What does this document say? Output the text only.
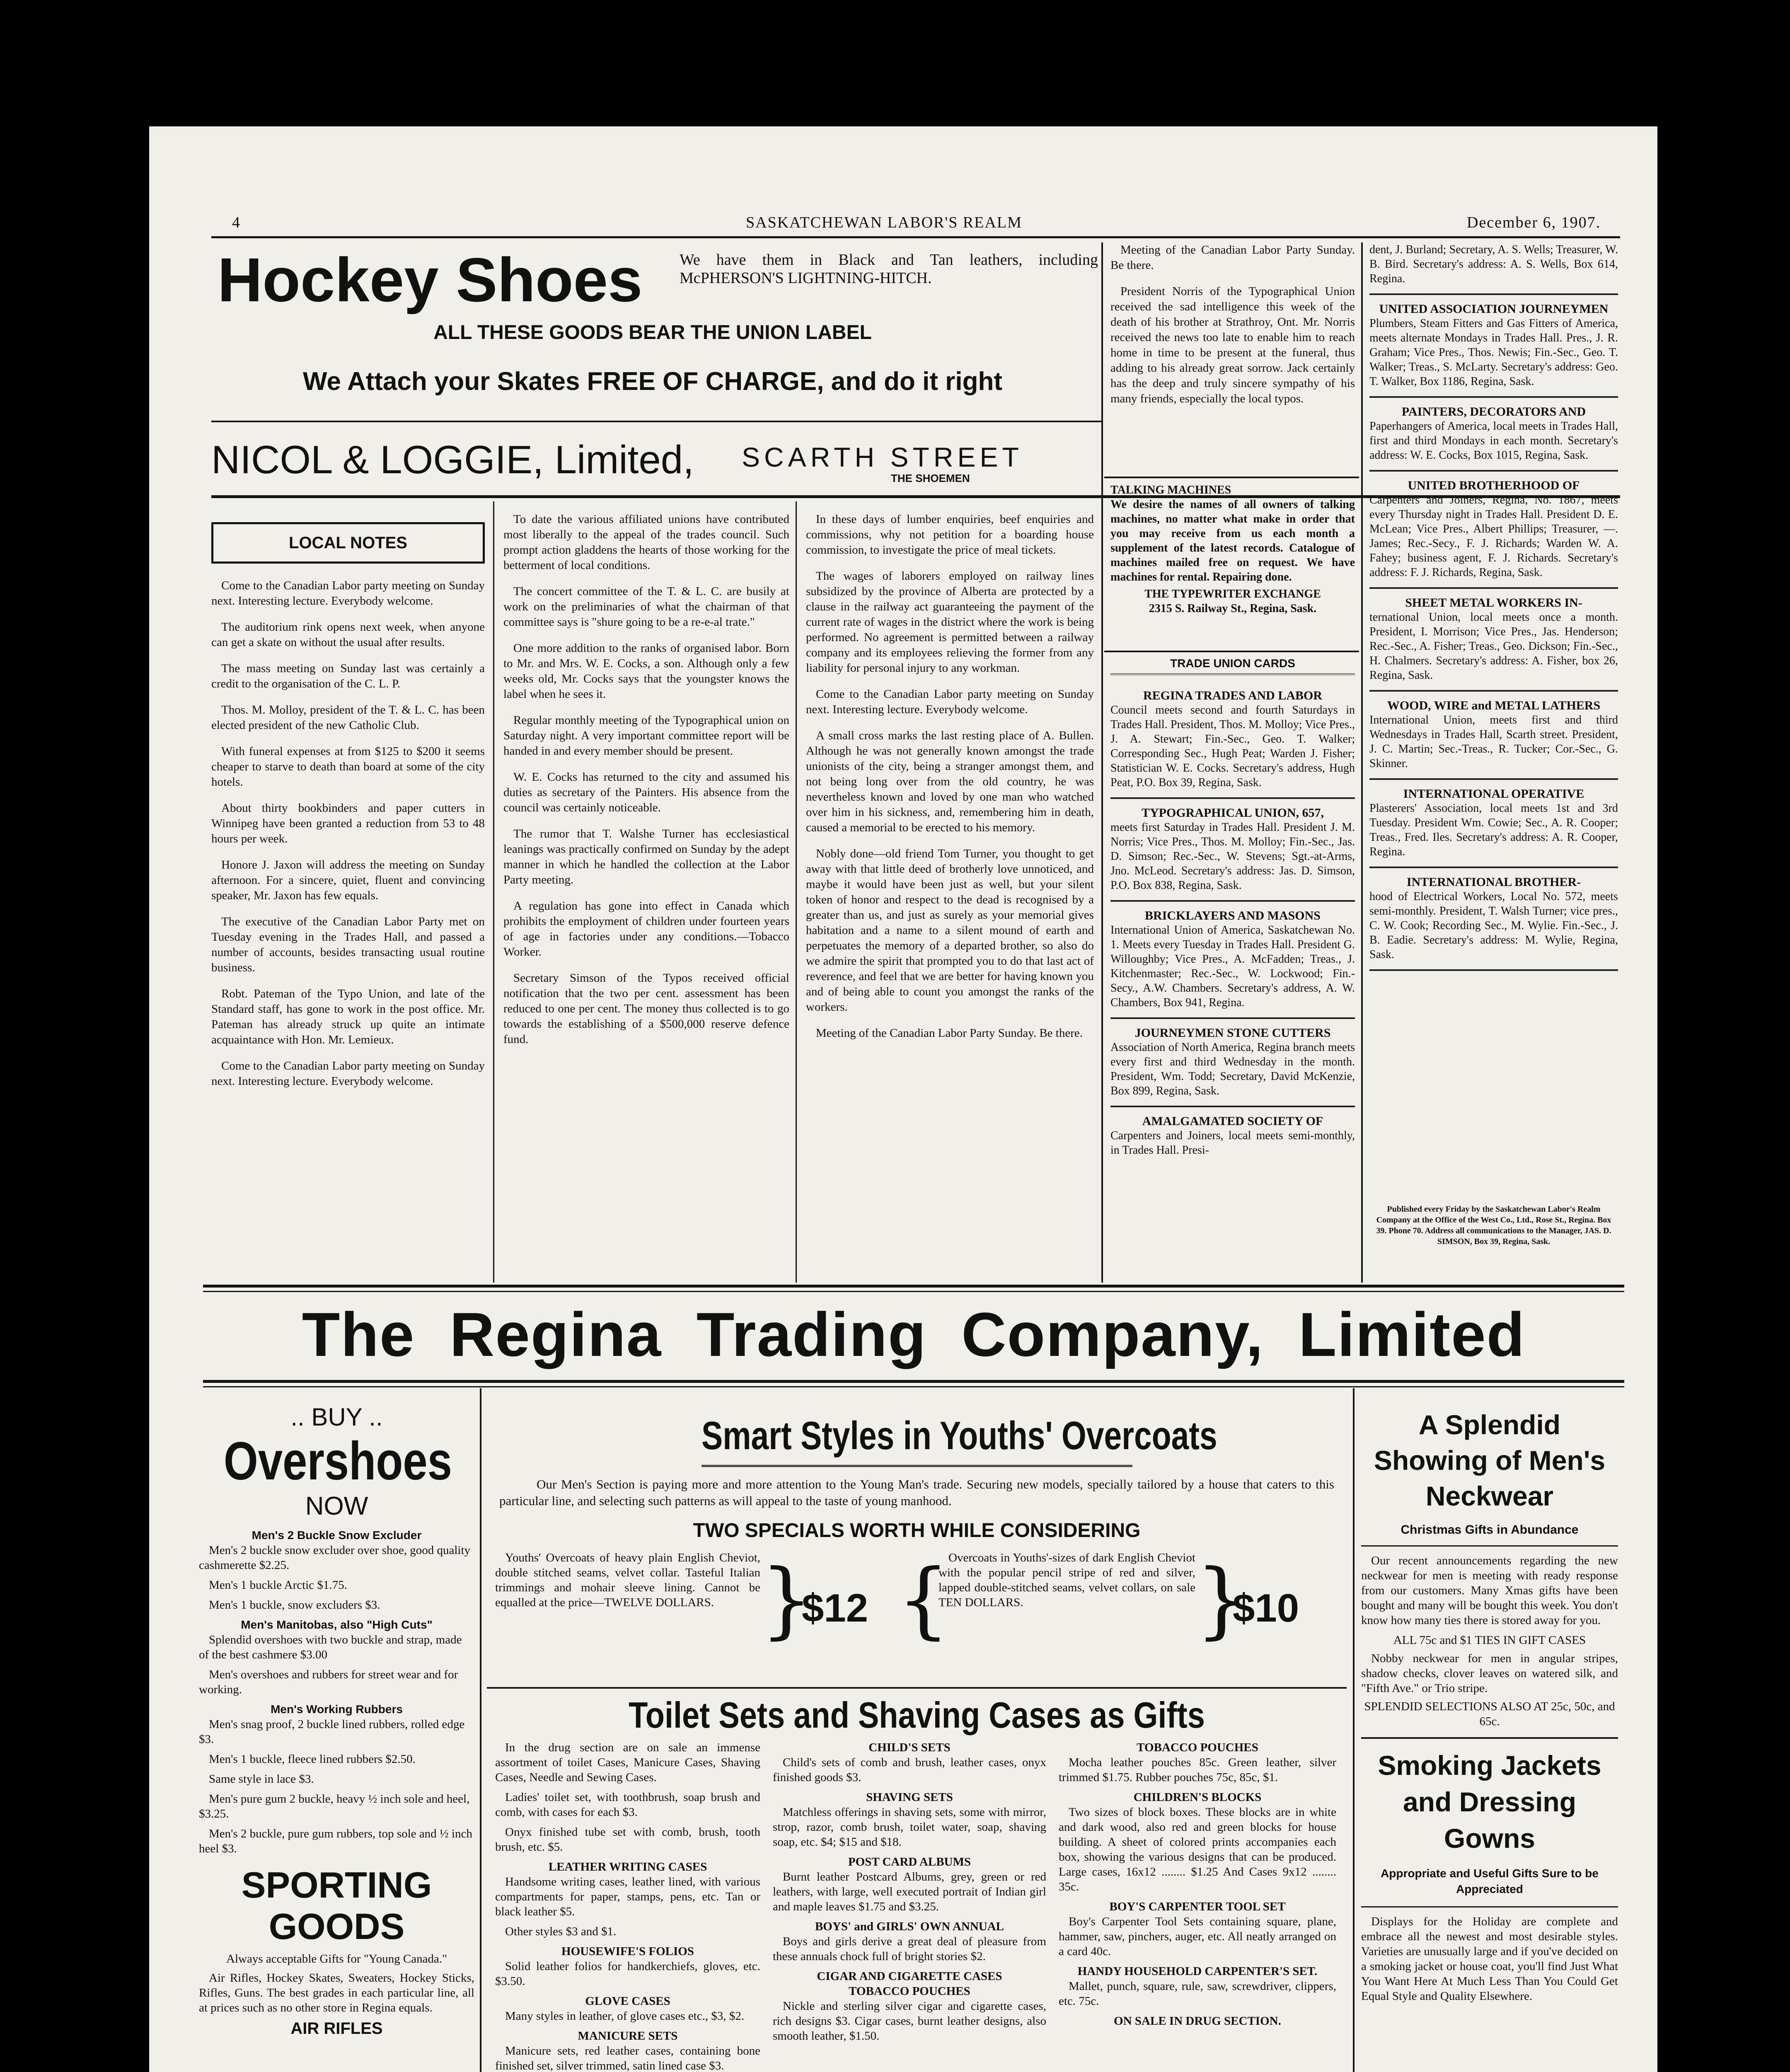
4	SASKATCHEWAN LABOR'S REALM	December 6, 1907.
Hockey Shoes	We have them in Black and Tan leathers, including McPHERSON'S LIGHTNING-HITCH.
ALL THESE GOODS BEAR THE UNION LABEL
We Attach your Skates FREE OF CHARGE, and do it right
NICOL & LOGGIE, Limited,	SCARTH STREET
THE SHOEMEN
LOCAL NOTES

Come to the Canadian Labor party meeting on Sunday next. Interesting lecture. Everybody welcome.

The auditorium rink opens next week, when anyone can get a skate on without the usual after results.

The mass meeting on Sunday last was certainly a credit to the organisation of the C. L. P.

Thos. M. Molloy, president of the T. & L. C. has been elected president of the new Catholic Club.

With funeral expenses at from $125 to $200 it seems cheaper to starve to death than board at some of the city hotels.

About thirty bookbinders and paper cutters in Winnipeg have been granted a reduction from 53 to 48 hours per week.

Honore J. Jaxon will address the meeting on Sunday afternoon. For a sincere, quiet, fluent and convincing speaker, Mr. Jaxon has few equals.

The executive of the Canadian Labor Party met on Tuesday evening in the Trades Hall, and passed a number of accounts, besides transacting usual routine business.

Robt. Pateman of the Typo Union, and late of the Standard staff, has gone to work in the post office. Mr. Pateman has already struck up quite an intimate acquaintance with Hon. Mr. Lemieux.

Come to the Canadian Labor party meeting on Sunday next. Interesting lecture. Everybody welcome.

To date the various affiliated unions have contributed most liberally to the appeal of the trades council. Such prompt action gladdens the hearts of those working for the betterment of local conditions.

The concert committee of the T. & L. C. are busily at work on the preliminaries of what the chairman of that committee says is "shure going to be a re-e-al trate."

One more addition to the ranks of organised labor. Born to Mr. and Mrs. W. E. Cocks, a son. Although only a few weeks old, Mr. Cocks says that the youngster knows the label when he sees it.

Regular monthly meeting of the Typographical union on Saturday night. A very important committee report will be handed in and every member should be present.

W. E. Cocks has returned to the city and assumed his duties as secretary of the Painters. His absence from the council was certainly noticeable.

The rumor that T. Walshe Turner has ecclesiastical leanings was practically confirmed on Sunday by the adept manner in which he handled the collection at the Labor Party meeting.

A regulation has gone into effect in Canada which prohibits the employment of children under fourteen years of age in factories under any conditions.—Tobacco Worker.

Secretary Simson of the Typos received official notification that the two per cent. assessment has been reduced to one per cent. The money thus collected is to go towards the establishing of a $500,000 reserve defence fund.

In these days of lumber enquiries, beef enquiries and commissions, why not petition for a boarding house commission, to investigate the price of meal tickets.

The wages of laborers employed on railway lines subsidized by the province of Alberta are protected by a clause in the railway act guaranteeing the payment of the current rate of wages in the district where the work is being performed. No agreement is permitted between a railway company and its employees relieving the former from any liability for personal injury to any workman.

Come to the Canadian Labor party meeting on Sunday next. Interesting lecture. Everybody welcome.

A small cross marks the last resting place of A. Bullen. Although he was not generally known amongst the trade unionists of the city, being a stranger amongst them, and not being long over from the old country, he was nevertheless known and loved by one man who watched over him in his sickness, and, remembering him in death, caused a memorial to be erected to his memory.

Nobly done—old friend Tom Turner, you thought to get away with that little deed of brotherly love unnoticed, and maybe it would have been just as well, but your silent token of honor and respect to the dead is recognised by a greater than us, and just as surely as your memorial gives habitation and a name to a silent mound of earth and perpetuates the memory of a departed brother, so also do we admire the spirit that prompted you to do that last act of reverence, and feel that we are better for having known you and of being able to count you amongst the ranks of the workers.

Meeting of the Canadian Labor Party Sunday. Be there.

Meeting of the Canadian Labor Party Sunday. Be there.

President Norris of the Typographical Union received the sad intelligence this week of the death of his brother at Strathroy, Ont. Mr. Norris received the news too late to enable him to reach home in time to be present at the funeral, thus adding to his already great sorrow. Jack certainly has the deep and truly sincere sympathy of his many friends, especially the local typos.

TALKING MACHINES
We desire the names of all owners of talking machines, no matter what make in order that you may receive from us each month a supplement of the latest records. Catalogue of machines mailed free on request. We have machines for rental. Repairing done.
THE TYPEWRITER EXCHANGE
2315 S. Railway St., Regina, Sask.
TRADE UNION CARDS
REGINA TRADES AND LABOR
Council meets second and fourth Saturdays in Trades Hall. President, Thos. M. Molloy; Vice Pres., J. A. Stewart; Fin.-Sec., Geo. T. Walker; Corresponding Sec., Hugh Peat; Warden J. Fisher; Statistician W. E. Cocks. Secretary's address, Hugh Peat, P.O. Box 39, Regina, Sask.
TYPOGRAPHICAL UNION, 657,
meets first Saturday in Trades Hall. President J. M. Norris; Vice Pres., Thos. M. Molloy; Fin.-Sec., Jas. D. Simson; Rec.-Sec., W. Stevens; Sgt.-at-Arms, Jno. McLeod. Secretary's address: Jas. D. Simson, P.O. Box 838, Regina, Sask.
BRICKLAYERS AND MASONS
International Union of America, Saskatchewan No. 1. Meets every Tuesday in Trades Hall. President G. Willoughby; Vice Pres., A. McFadden; Treas., J. Kitchenmaster; Rec.-Sec., W. Lockwood; Fin.-Secy., A.W. Chambers. Secretary's address, A. W. Chambers, Box 941, Regina.
JOURNEYMEN STONE CUTTERS
Association of North America, Regina branch meets every first and third Wednesday in the month. President, Wm. Todd; Secretary, David McKenzie, Box 899, Regina, Sask.
AMALGAMATED SOCIETY OF
Carpenters and Joiners, local meets semi-monthly, in Trades Hall. Presi-
dent, J. Burland; Secretary, A. S. Wells; Treasurer, W. B. Bird. Secretary's address: A. S. Wells, Box 614, Regina.
UNITED ASSOCIATION JOURNEYMEN
Plumbers, Steam Fitters and Gas Fitters of America, meets alternate Mondays in Trades Hall. Pres., J. R. Graham; Vice Pres., Thos. Newis; Fin.-Sec., Geo. T. Walker; Treas., S. McLarty. Secretary's address: Geo. T. Walker, Box 1186, Regina, Sask.
PAINTERS, DECORATORS AND
Paperhangers of America, local meets in Trades Hall, first and third Mondays in each month. Secretary's address: W. E. Cocks, Box 1015, Regina, Sask.
UNITED BROTHERHOOD OF
Carpenters and Joiners, Regina, No. 1867, meets every Thursday night in Trades Hall. President D. E. McLean; Vice Pres., Albert Phillips; Treasurer, —. James; Rec.-Secy., F. J. Richards; Warden W. A. Fahey; business agent, F. J. Richards. Secretary's address: F. J. Richards, Regina, Sask.
SHEET METAL WORKERS IN-
ternational Union, local meets once a month. President, I. Morrison; Vice Pres., Jas. Henderson; Rec.-Sec., A. Fisher; Treas., Geo. Dickson; Fin.-Sec., H. Chalmers. Secretary's address: A. Fisher, box 26, Regina, Sask.
WOOD, WIRE and METAL LATHERS
International Union, meets first and third Wednesdays in Trades Hall, Scarth street. President, J. C. Martin; Sec.-Treas., R. Tucker; Cor.-Sec., G. Skinner.
INTERNATIONAL OPERATIVE
Plasterers' Association, local meets 1st and 3rd Tuesday. President Wm. Cowie; Sec., A. R. Cooper; Treas., Fred. Iles. Secretary's address: A. R. Cooper, Regina.
INTERNATIONAL BROTHER-
hood of Electrical Workers, Local No. 572, meets semi-monthly. President, T. Walsh Turner; vice pres., C. W. Cook; Recording Sec., M. Wylie. Fin.-Sec., J. B. Eadie. Secretary's address: M. Wylie, Regina, Sask.
Published every Friday by the Saskatchewan Labor's Realm Company at the Office of the West Co., Ltd., Rose St., Regina. Box 39. Phone 70. Address all communications to the Manager, JAS. D. SIMSON, Box 39, Regina, Sask.
The Regina Trading Company, Limited
.. BUY ..
Overshoes
NOW
Men's 2 Buckle Snow Excluder

Men's 2 buckle snow excluder over shoe, good quality cashmerette $2.25.

Men's 1 buckle Arctic $1.75.

Men's 1 buckle, snow excluders $3.

Men's Manitobas, also "High Cuts"

Splendid overshoes with two buckle and strap, made of the best cashmere $3.00

Men's overshoes and rubbers for street wear and for working.

Men's Working Rubbers

Men's snag proof, 2 buckle lined rubbers, rolled edge $3.

Men's 1 buckle, fleece lined rubbers $2.50.

Same style in lace $3.

Men's pure gum 2 buckle, heavy ½ inch sole and heel, $3.25.

Men's 2 buckle, pure gum rubbers, top sole and ½ inch heel $3.

SPORTING GOODS
Always acceptable Gifts for "Young Canada."
Air Rifles, Hockey Skates, Sweaters, Hockey Sticks, Rifles, Guns. The best grades in each particular line, all at prices such as no other store in Regina equals.
AIR RIFLES
Smart Styles in Youths' Overcoats
Our Men's Section is paying more and more attention to the Young Man's trade. Securing new models, specially tailored by a house that caters to this particular line, and selecting such patterns as will appeal to the taste of young manhood.
TWO SPECIALS WORTH WHILE CONSIDERING
Youths' Overcoats of heavy plain English Cheviot, double stitched seams, velvet collar. Tasteful Italian trimmings and mohair sleeve lining. Cannot be equalled at the price—TWELVE DOLLARS. }
$12 {
Overcoats in Youths'-sizes of dark English Cheviot with the popular pencil stripe of red and silver, lapped double-stitched seams, velvet collars, on sale TEN DOLLARS.	}
$10
Toilet Sets and Shaving Cases as Gifts

In the drug section are on sale an immense assortment of toilet Cases, Manicure Cases, Shaving Cases, Needle and Sewing Cases.

Ladies' toilet set, with toothbrush, soap brush and comb, with cases for each $3.

Onyx finished tube set with comb, brush, tooth brush, etc. $5.

LEATHER WRITING CASES

Handsome writing cases, leather lined, with various compartments for paper, stamps, pens, etc. Tan or black leather $5.

Other styles $3 and $1.

HOUSEWIFE'S FOLIOS

Solid leather folios for handkerchiefs, gloves, etc. $3.50.

GLOVE CASES

Many styles in leather, of glove cases etc., $3, $2.

MANICURE SETS

Manicure sets, red leather cases, containing bone finished set, silver trimmed, satin lined case $3.

CHILD'S SETS

Child's sets of comb and brush, leather cases, onyx finished goods $3.

SHAVING SETS

Matchless offerings in shaving sets, some with mirror, strop, razor, comb brush, toilet water, soap, shaving soap, etc. $4; $15 and $18.

POST CARD ALBUMS

Burnt leather Postcard Albums, grey, green or red leathers, with large, well executed portrait of Indian girl and maple leaves $1.75 and $3.25.

BOYS' and GIRLS' OWN ANNUAL

Boys and girls derive a great deal of pleasure from these annuals chock full of bright stories $2.

CIGAR AND CIGARETTE CASES
TOBACCO POUCHES

Nickle and sterling silver cigar and cigarette cases, rich designs $3. Cigar cases, burnt leather designs, also smooth leather, $1.50.

TOBACCO POUCHES

Mocha leather pouches 85c. Green leather, silver trimmed $1.75. Rubber pouches 75c, 85c, $1.

CHILDREN'S BLOCKS

Two sizes of block boxes. These blocks are in white and dark wood, also red and green blocks for house building. A sheet of colored prints accompanies each box, showing the various designs that can be produced. Large cases, 16x12 ........ $1.25 And Cases 9x12 ........ 35c.

BOY'S CARPENTER TOOL SET

Boy's Carpenter Tool Sets containing square, plane, hammer, saw, pinchers, auger, etc. All neatly arranged on a card 40c.

HANDY HOUSEHOLD CARPENTER'S SET.

Mallet, punch, square, rule, saw, screwdriver, clippers, etc. 75c.

ON SALE IN DRUG SECTION.

A Splendid Showing of Men's Neckwear
Christmas Gifts in Abundance
Our recent announcements regarding the new neckwear for men is meeting with ready response from our customers. Many Xmas gifts have been bought and many will be bought this week. You don't know how many ties there is stored away for you.
ALL 75c and $1 TIES IN GIFT CASES
Nobby neckwear for men in angular stripes, shadow checks, clover leaves on watered silk, and "Fifth Ave." or Trio stripe.
SPLENDID SELECTIONS ALSO AT 25c, 50c, and 65c.
Smoking Jackets and Dressing Gowns
Appropriate and Useful Gifts Sure to be Appreciated
Displays for the Holiday are complete and embrace all the newest and most desirable styles. Varieties are unusually large and if you've decided on a smoking jacket or house coat, you'll find Just What You Want Here At Much Less Than You Could Get Equal Style and Quality Elsewhere.
